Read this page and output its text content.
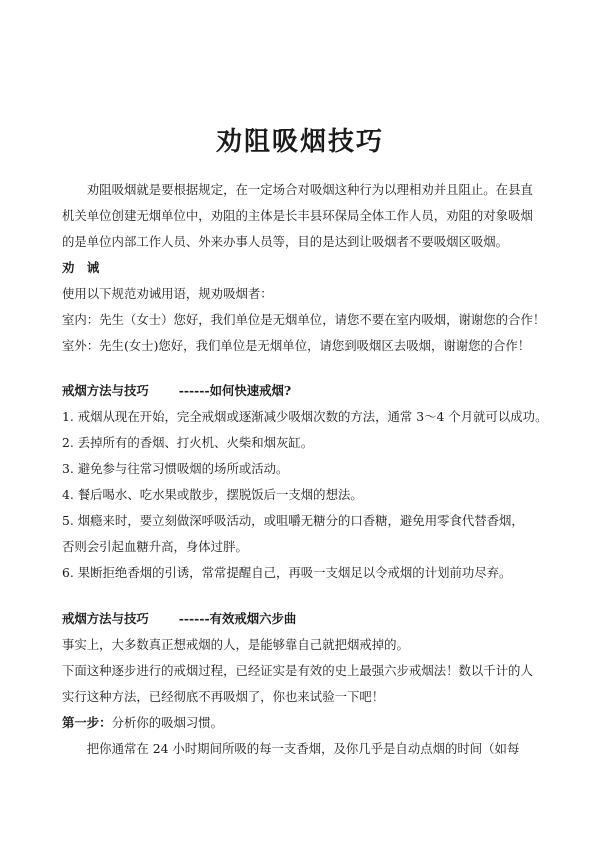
劝阻吸烟技巧

劝阻吸烟就是要根据规定，在一定场合对吸烟这种行为以理相劝并且阻止。在县直

机关单位创建无烟单位中，劝阻的主体是长丰县环保局全体工作人员，劝阻的对象吸烟

的是单位内部工作人员、外来办事人员等，目的是达到让吸烟者不要吸烟区吸烟。

劝　诫

使用以下规范劝诫用语，规劝吸烟者：

室内：先生（女士）您好，我们单位是无烟单位，请您不要在室内吸烟，谢谢您的合作！

室外：先生(女士)您好，我们单位是无烟单位，请您到吸烟区去吸烟，谢谢您的合作！

戒烟方法与技巧 ------如何快速戒烟?

1. 戒烟从现在开始，完全戒烟或逐渐减少吸烟次数的方法，通常 3～4 个月就可以成功。

2. 丢掉所有的香烟、打火机、火柴和烟灰缸。

3. 避免参与往常习惯吸烟的场所或活动。

4. 餐后喝水、吃水果或散步，摆脱饭后一支烟的想法。

5. 烟瘾来时，要立刻做深呼吸活动，或咀嚼无糖分的口香糖，避免用零食代替香烟，

否则会引起血糖升高，身体过胖。

6. 果断拒绝香烟的引诱，常常提醒自己，再吸一支烟足以令戒烟的计划前功尽弃。

戒烟方法与技巧 ------有效戒烟六步曲

事实上，大多数真正想戒烟的人，是能够靠自己就把烟戒掉的。

下面这种逐步进行的戒烟过程，已经证实是有效的史上最强六步戒烟法！数以千计的人

实行这种方法，已经彻底不再吸烟了，你也来试验一下吧！

第一步：分析你的吸烟习惯。

把你通常在 24 小时期间所吸的每一支香烟，及你几乎是自动点烟的时间（如每
